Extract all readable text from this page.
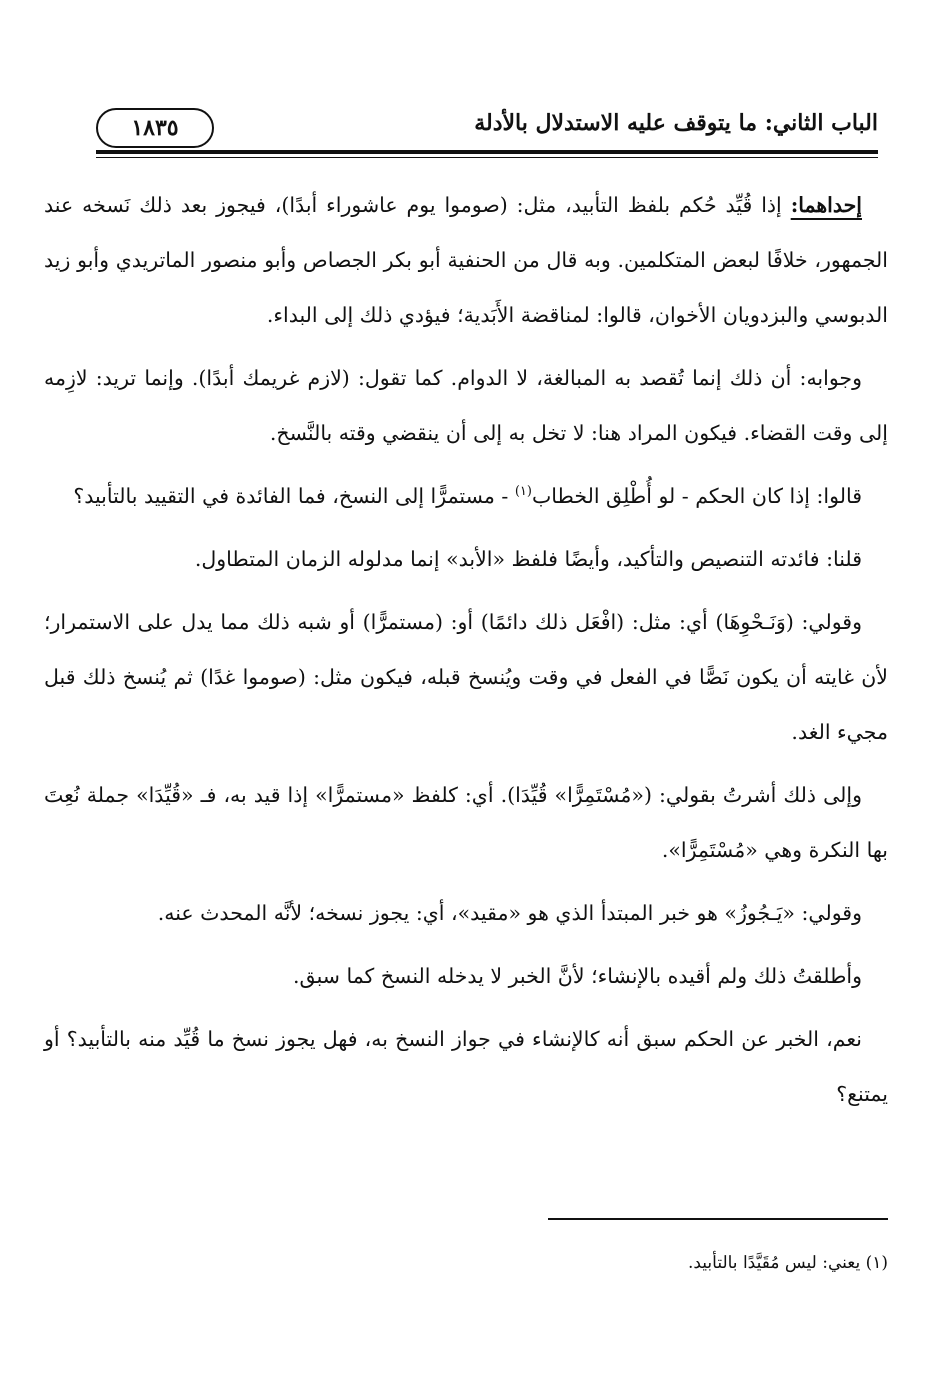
الباب الثاني: ما يتوقف عليه الاستدلال بالأدلة
١٨٣٥

إحداهما: إذا قُيِّد حُكم بلفظ التأبيد، مثل: (صوموا يوم عاشوراء أبدًا)، فيجوز بعد ذلك نَسخه عند الجمهور، خلافًا لبعض المتكلمين. وبه قال من الحنفية أبو بكر الجصاص وأبو منصور الماتريدي وأبو زيد الدبوسي والبزدويان الأخوان، قالوا: لمناقضة الأَبَدية؛ فيؤدي ذلك إلى البداء.

وجوابه: أن ذلك إنما تُقصد به المبالغة، لا الدوام. كما تقول: (لازم غريمك أبدًا). وإنما تريد: لازِمه إلى وقت القضاء. فيكون المراد هنا: لا تخل به إلى أن ينقضي وقته بالنَّسخ.

قالوا: إذا كان الحكم - لو أُطْلِق الخطاب$^{(١)}$ - مستمرًّا إلى النسخ، فما الفائدة في التقييد بالتأبيد؟

قلنا: فائدته التنصيص والتأكيد، وأيضًا فلفظ «الأبد» إنما مدلوله الزمان المتطاول.

وقولي: (وَنَـحْوِهَا) أي: مثل: (افْعَل ذلك دائمًا) أو: (مستمرًّا) أو شبه ذلك مما يدل على الاستمرار؛ لأن غايته أن يكون نَصًّا في الفعل في وقت ويُنسخ قبله، فيكون مثل: (صوموا غدًا) ثم يُنسخ ذلك قبل مجيء الغد.

وإلى ذلك أشرتُ بقولي: («مُسْتَمِرًّا» قُيِّدَا). أي: كلفظ «مستمرًّا» إذا قيد به، فـ «قُيِّدَا» جملة نُعِتَ بها النكرة وهي «مُسْتَمِرًّا».

وقولي: «يَـجُوزُ» هو خبر المبتدأ الذي هو «مقيد»، أي: يجوز نسخه؛ لأنَّه المحدث عنه.

وأطلقتُ ذلك ولم أقيده بالإنشاء؛ لأنَّ الخبر لا يدخله النسخ كما سبق.

نعم، الخبر عن الحكم سبق أنه كالإنشاء في جواز النسخ به، فهل يجوز نسخ ما قُيِّد منه بالتأبيد؟ أو يمتنع؟

(١) يعني: ليس مُقَيَّدًا بالتأبيد.
